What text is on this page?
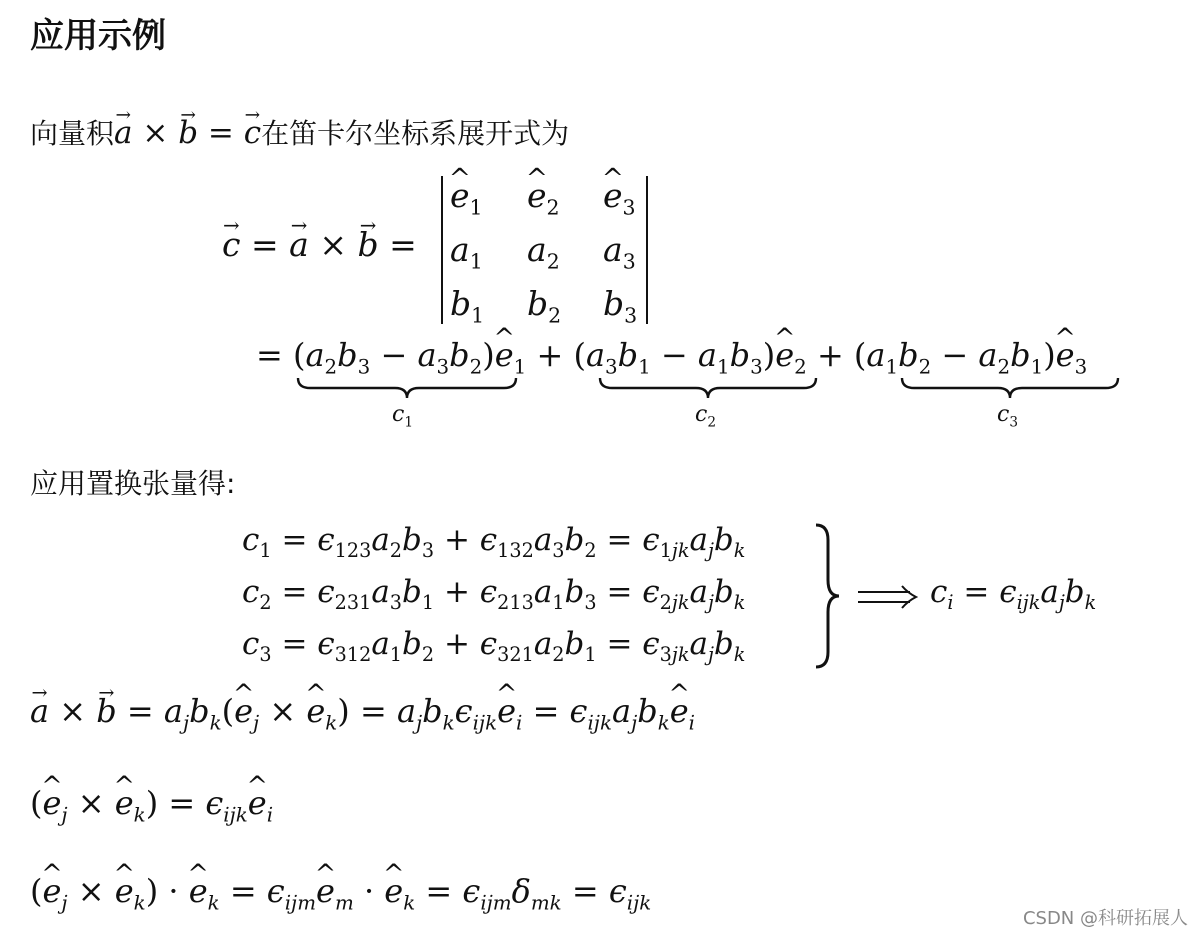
应用示例
向量积→ a × → b = → c在笛卡尔坐标系展开式为
→ c = → a × → b =
^ $e_1$ ^ $e_2$ ^ $e_3$
$a_1$ $a_2$ $a_3$
$b_1$ $b_2$ $b_3$
= ($a_2b_3$ − $a_3b_2)\^{}$ $e_1 + (a_3b_1$ − $a_1b_3)\^{}$ $e_2 + (a_1b_2$ − $a_2b_1)\^{}$ $e_3$
$c_1$	$c_2$	$c_3$
应用置换张量得:
$c_1 = \epsilon_{123}a_2b_3 + \epsilon_{132}a_3b_2 = \epsilon_{1jk}a_jb_k$
$c_2 = \epsilon_{231}a_3b_1 + \epsilon_{213}a_1b_3 = \epsilon_{2jk}a_jb_k$
$c_3 = \epsilon_{312}a_1b_2 + \epsilon_{321}a_2b_1 = \epsilon_{3jk}a_jb_k$
$c_i = \epsilon_{ijk}a_jb_k$
→ a × → $b = a_jb_k(\^{}$ $e_j$ × ^ $e_k$) = $a_jb_k\epsilon_{ijk}\^{}$ $e_i$ = $\epsilon_{ijk}a_jb_k\^{}$ $e_i$
(^ $e_j$ × ^ $e_k$) = $\epsilon_{ijk}\^{}$ $e_i$
(^ $e_j$ × ^ $e_k$) · ^ $e_k$ = $\epsilon_{ijm}\^{}$ $e_m$ · ^ $e_k = \epsilon_{ijm}\delta_{mk} = \epsilon_{ijk}$
CSDN @科研拓展人
